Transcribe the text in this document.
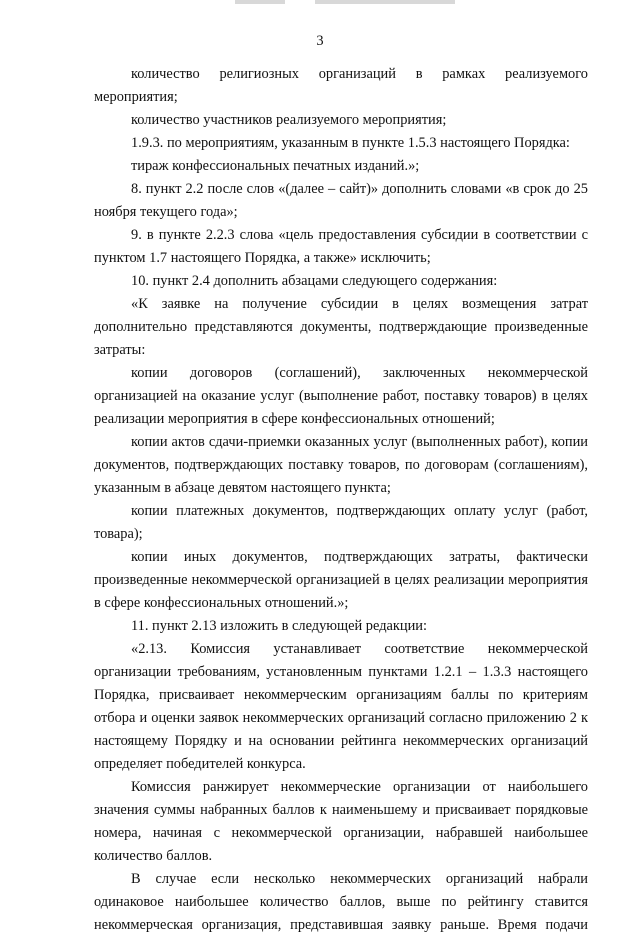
3

количество религиозных организаций в рамках реализуемого мероприятия;

количество участников реализуемого мероприятия;

1.9.3. по мероприятиям, указанным в пункте 1.5.3 настоящего Порядка:

тираж конфессиональных печатных изданий.»;

8. пункт 2.2 после слов «(далее – сайт)» дополнить словами «в срок до 25 ноября текущего года»;

9. в пункте 2.2.3 слова «цель предоставления субсидии в соответствии с пунктом 1.7 настоящего Порядка, а также» исключить;

10. пункт 2.4 дополнить абзацами следующего содержания:

«К заявке на получение субсидии в целях возмещения затрат дополнительно представляются документы, подтверждающие произведенные затраты:

копии договоров (соглашений), заключенных некоммерческой организацией на оказание услуг (выполнение работ, поставку товаров) в целях реализации мероприятия в сфере конфессиональных отношений;

копии актов сдачи-приемки оказанных услуг (выполненных работ), копии документов, подтверждающих поставку товаров, по договорам (соглашениям), указанным в абзаце девятом настоящего пункта;

копии платежных документов, подтверждающих оплату услуг (работ, товара);

копии иных документов, подтверждающих затраты, фактически произведенные некоммерческой организацией в целях реализации мероприятия в сфере конфессиональных отношений.»;

11. пункт 2.13 изложить в следующей редакции:

«2.13. Комиссия устанавливает соответствие некоммерческой организации требованиям, установленным пунктами 1.2.1 – 1.3.3 настоящего Порядка, присваивает некоммерческим организациям баллы по критериям отбора и оценки заявок некоммерческих организаций согласно приложению 2 к настоящему Порядку и на основании рейтинга некоммерческих организаций определяет победителей конкурса.

Комиссия ранжирует некоммерческие организации от наибольшего значения суммы набранных баллов к наименьшему и присваивает порядковые номера, начиная с некоммерческой организации, набравшей наибольшее количество баллов.

В случае если несколько некоммерческих организаций набрали одинаковое наибольшее количество баллов, выше по рейтингу ставится некоммерческая организация, представившая заявку раньше. Время подачи
